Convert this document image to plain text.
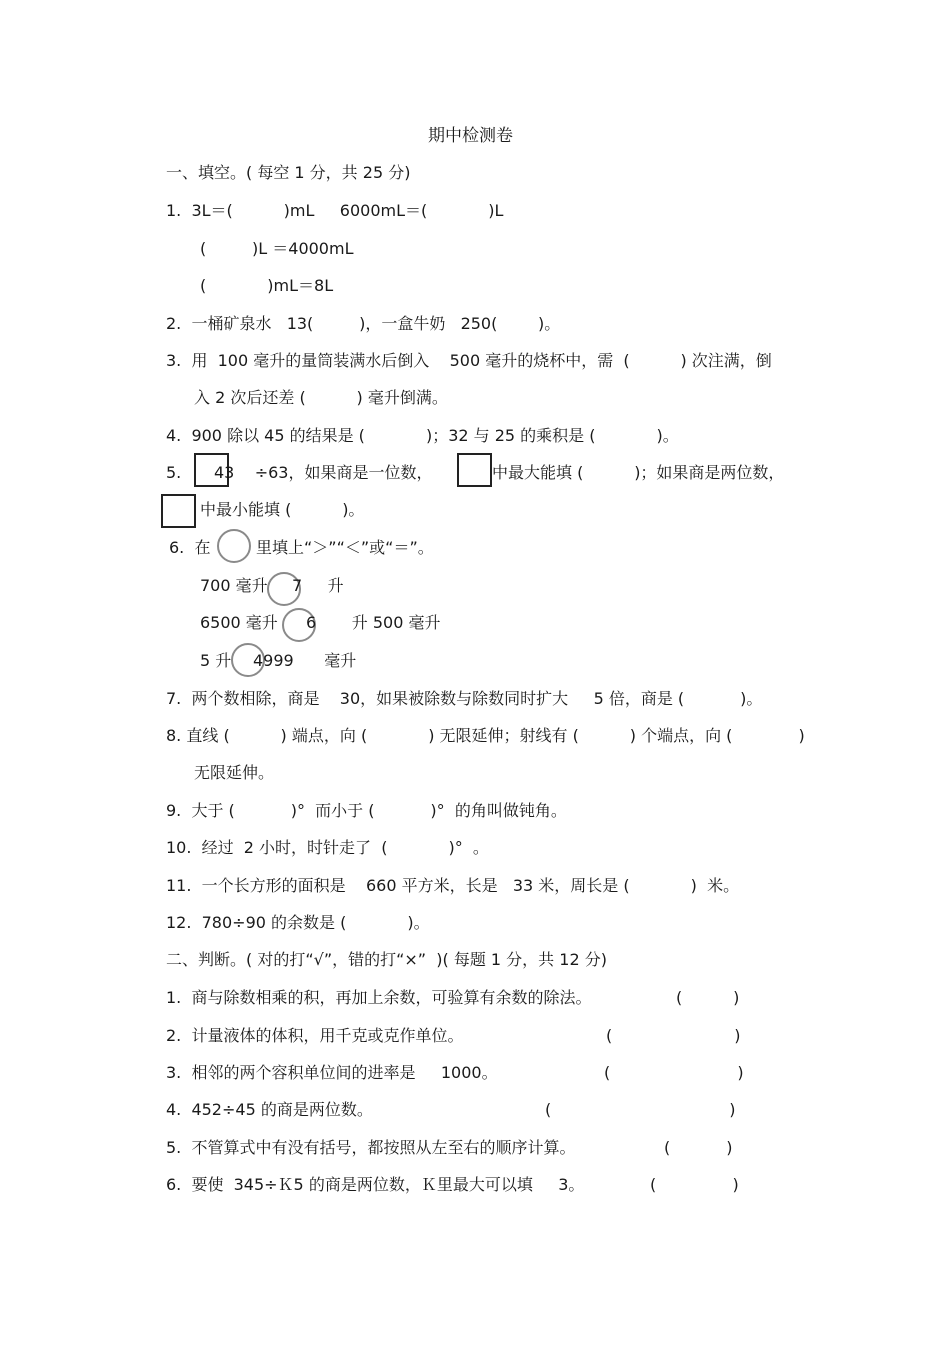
期中检测卷
一、填空。( 每空 1 分，共 25 分)
1.  3L＝(          )mL     6000mL＝(            )L
(         )L ＝4000mL
(            )mL＝8L
2.  一桶矿泉水   13(         )，一盒牛奶   250(        )。
3.  用  100 毫升的量筒装满水后倒入    500 毫升的烧杯中，需  (          ) 次注满，倒
入 2 次后还差 (          ) 毫升倒满。
4.  900 除以 45 的结果是 (            )；32 与 25 的乘积是 (            )。
5. 43    ÷63，如果商是一位数，	中最大能填 (          )；如果商是两位数，
中最小能填 (          )。
6.  在	里填上“＞”“＜”或“＝”。
700 毫升 7     升
6500 毫升 6       升 500 毫升
5 升 4999      毫升
7.  两个数相除，商是    30，如果被除数与除数同时扩大     5 倍，商是 (           )。
8. 直线 (          ) 端点，向 (            ) 无限延伸；射线有 (          ) 个端点，向 (             )
无限延伸。
9.  大于 (           )°  而小于 (           )°  的角叫做钝角。
10.  经过  2 小时，时针走了  (            )°  。
11.  一个长方形的面积是    660 平方米，长是   33 米，周长是 (            )  米。
12.  780÷90 的余数是 (            )。
二、判断。( 对的打“√”，错的打“×”  )( 每题 1 分，共 12 分)
1.  商与除数相乘的积，再加上余数，可验算有余数的除法。	(          )
2.  计量液体的体积，用千克或克作单位。	(                        )
3.  相邻的两个容积单位间的进率是     1000。	(                         )
4.  452÷45 的商是两位数。	(                                   )
5.  不管算式中有没有括号，都按照从左至右的顺序计算。	(           )
6.  要使  345÷Ｋ5 的商是两位数，Ｋ里最大可以填     3。	(               )
